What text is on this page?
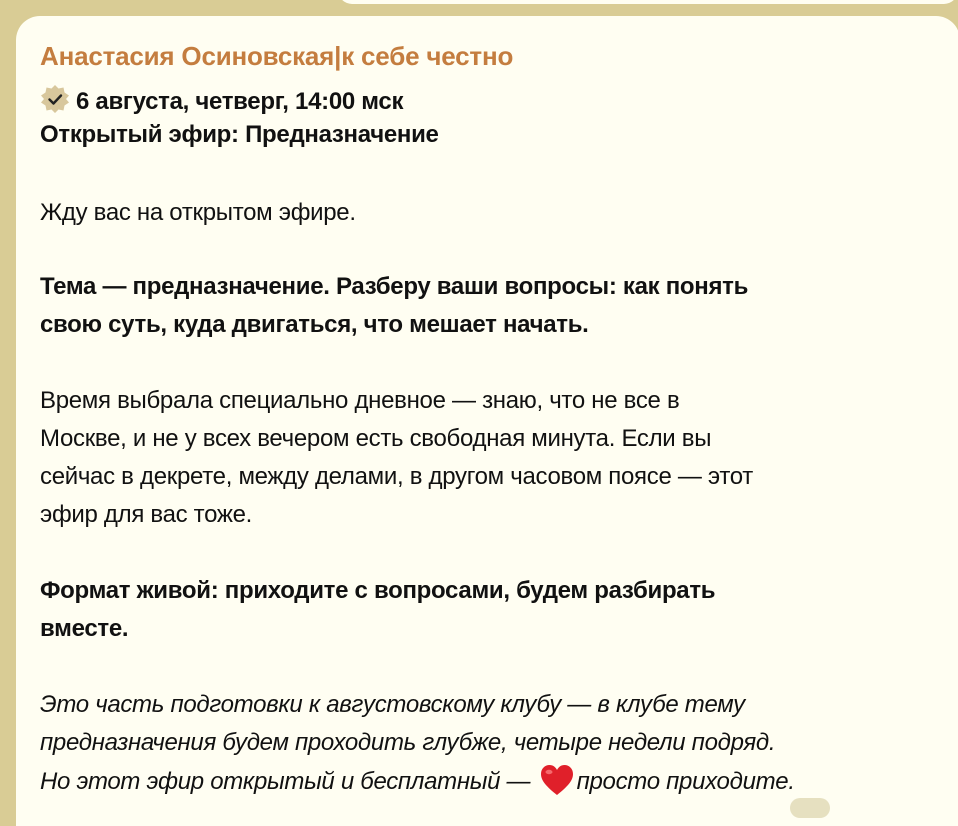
Анастасия Осиновская|к себе честно
6 августа, четверг, 14:00 мск
Открытый эфир: Предназначение
Жду вас на открытом эфире.
Тема — предназначение. Разберу ваши вопросы: как понять
свою суть, куда двигаться, что мешает начать.
Время выбрала специально дневное — знаю, что не все в
Москве, и не у всех вечером есть свободная минута. Если вы
сейчас в декрете, между делами, в другом часовом поясе — этот
эфир для вас тоже.
Формат живой: приходите с вопросами, будем разбирать
вместе.
Это часть подготовки к августовскому клубу — в клубе тему
предназначения будем проходить глубже, четыре недели подряд.
Но этот эфир открытый и бесплатный — просто приходите.
